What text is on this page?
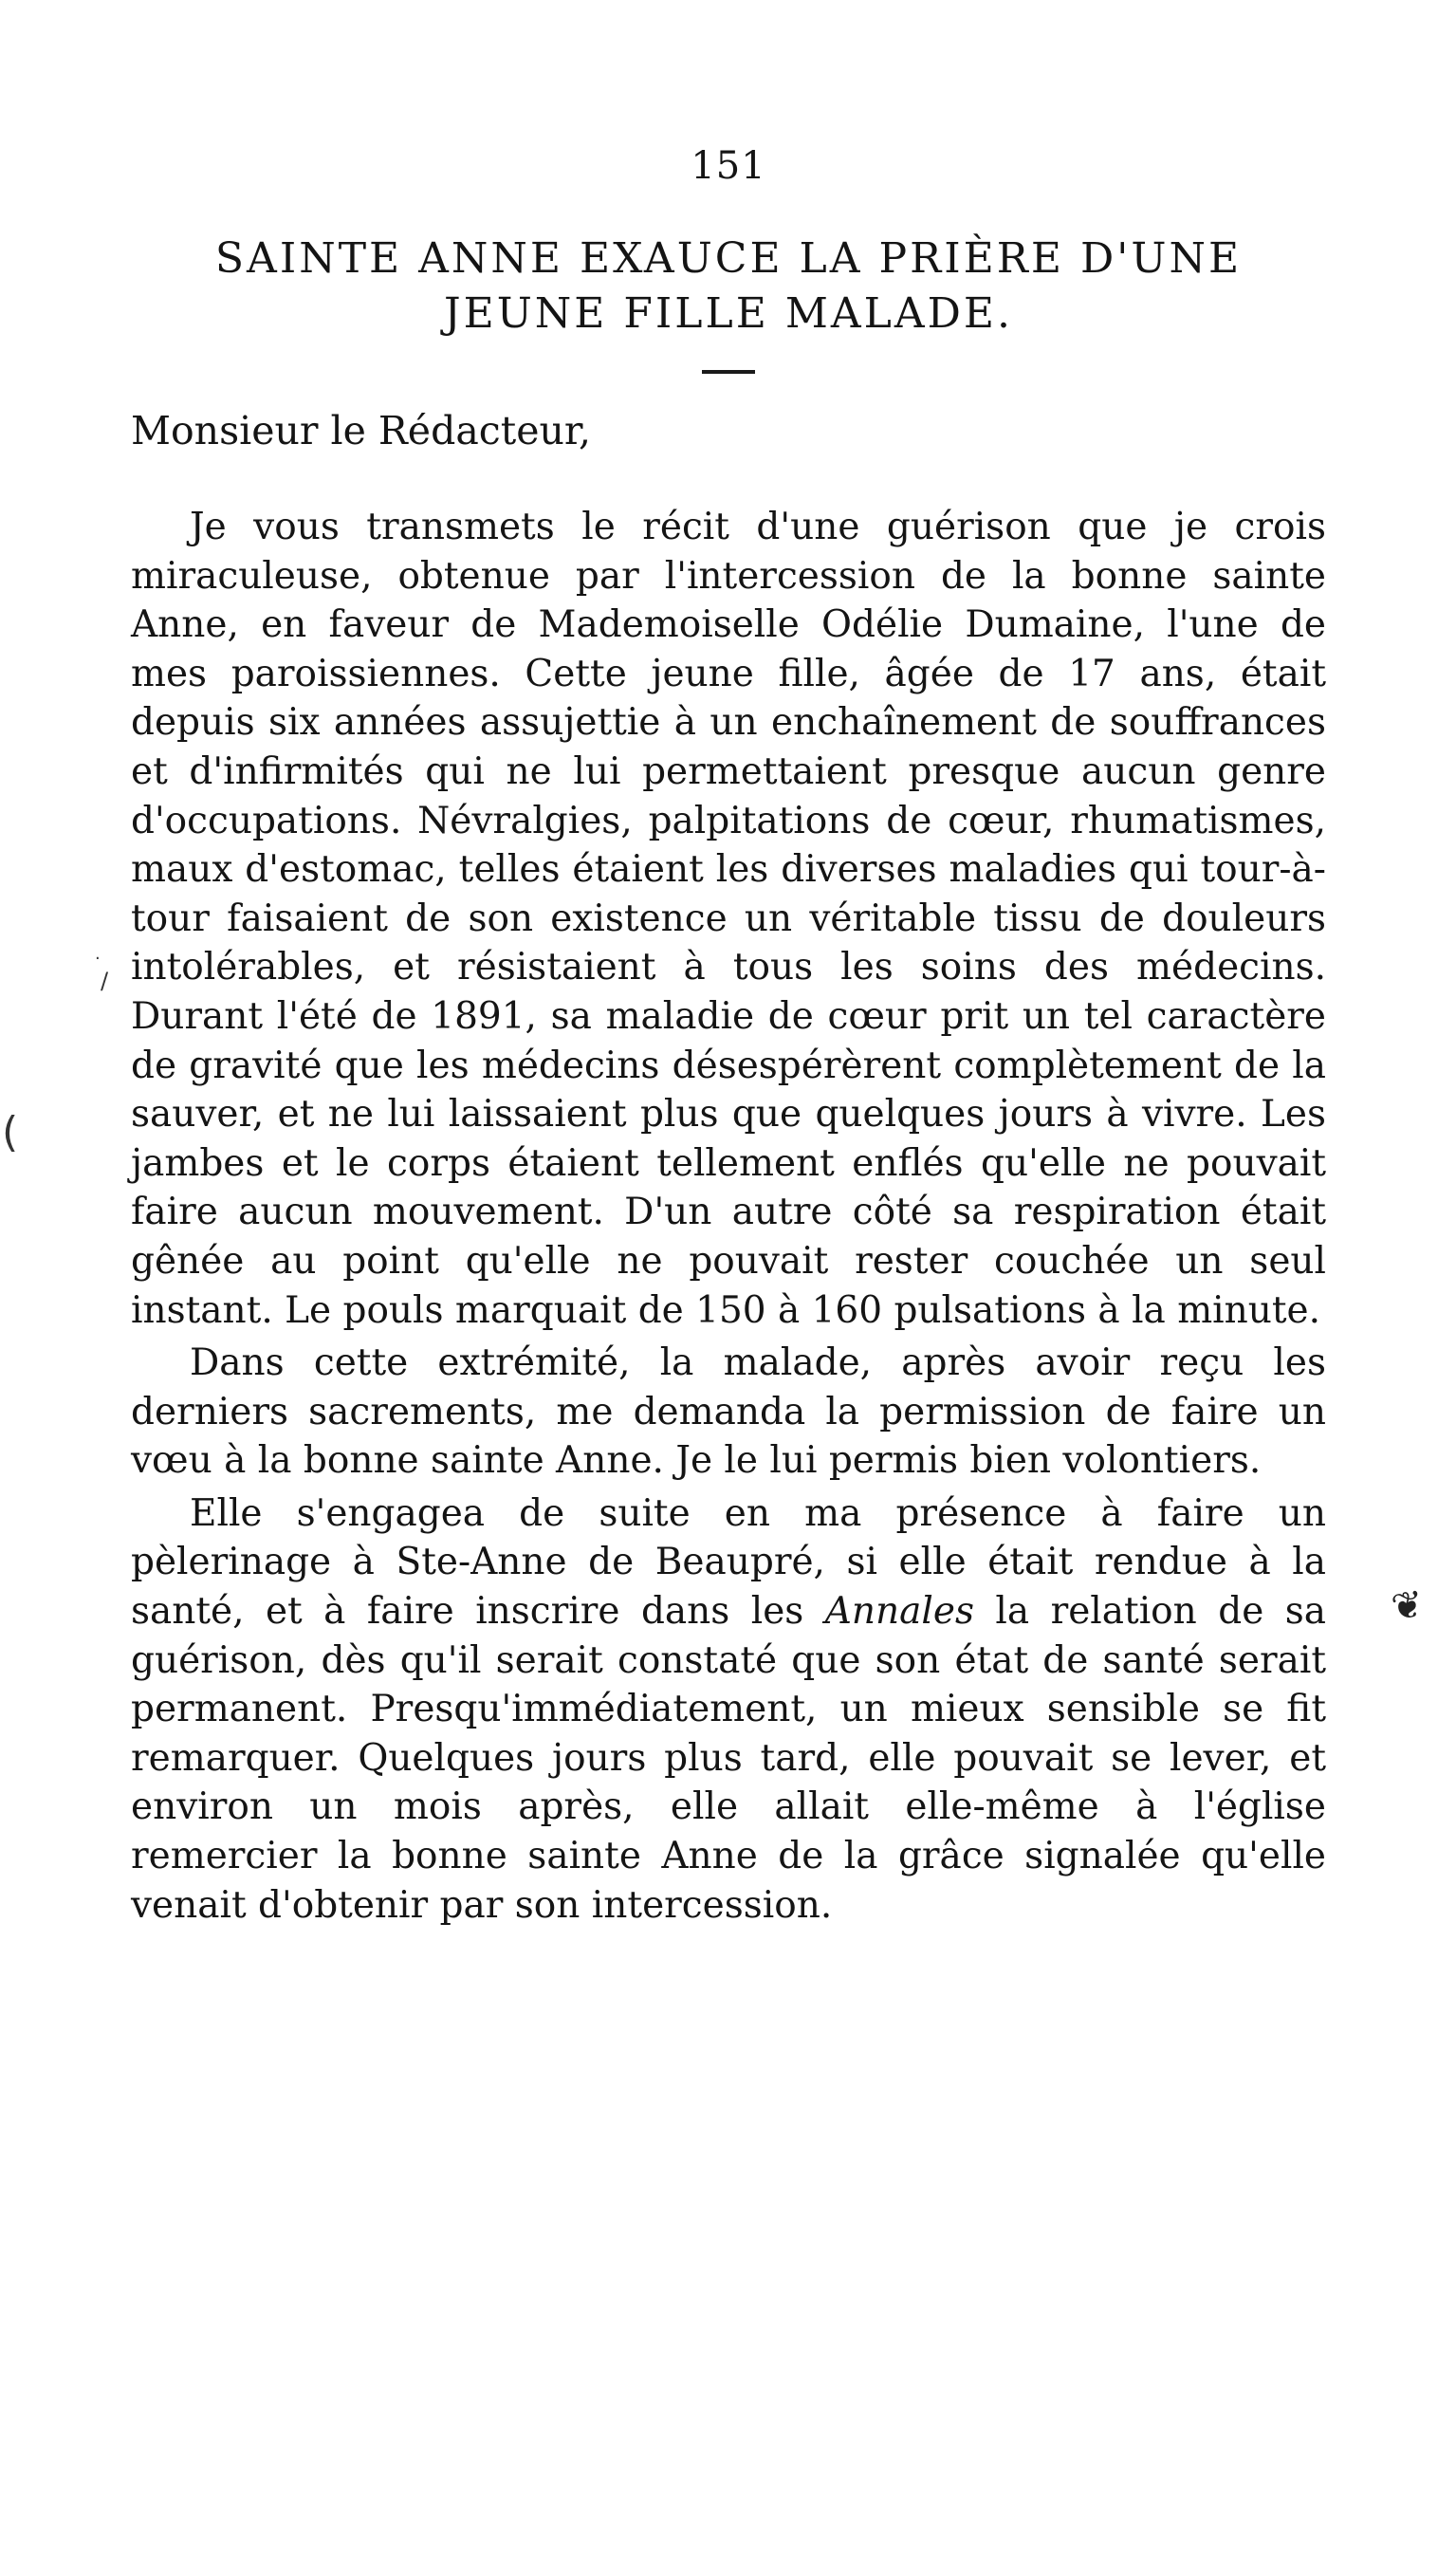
151
SAINTE ANNE EXAUCE LA PRIÈRE D'UNE
JEUNE FILLE MALADE.

Monsieur le Rédacteur,

Je vous transmets le récit d'une guérison que je crois miraculeuse, obtenue par l'intercession de la bonne sainte Anne, en faveur de Mademoiselle Odélie Dumaine, l'une de mes paroissiennes. Cette jeune fille, âgée de 17 ans, était depuis six années assujettie à un enchaînement de souffrances et d'infirmités qui ne lui permettaient presque aucun genre d'occupations. Névralgies, palpitations de cœur, rhumatismes, maux d'estomac, telles étaient les diverses maladies qui tour-à-tour faisaient de son existence un véritable tissu de douleurs intolérables, et résistaient à tous les soins des médecins. Durant l'été de 1891, sa maladie de cœur prit un tel caractère de gravité que les médecins désespérèrent complètement de la sauver, et ne lui laissaient plus que quelques jours à vivre. Les jambes et le corps étaient tellement enflés qu'elle ne pouvait faire aucun mouvement. D'un autre côté sa respiration était gênée au point qu'elle ne pouvait rester couchée un seul instant. Le pouls marquait de 150 à 160 pulsations à la minute.

Dans cette extrémité, la malade, après avoir reçu les derniers sacrements, me demanda la permission de faire un vœu à la bonne sainte Anne. Je le lui permis bien volontiers.

Elle s'engagea de suite en ma présence à faire un pèlerinage à Ste-Anne de Beaupré, si elle était rendue à la santé, et à faire inscrire dans les Annales la relation de sa guérison, dès qu'il serait constaté que son état de santé serait permanent. Presqu'immédiatement, un mieux sensible se fit remarquer. Quelques jours plus tard, elle pouvait se lever, et environ un mois après, elle allait elle-même à l'église remercier la bonne sainte Anne de la grâce signalée qu'elle venait d'obtenir par son intercession.

·
/
(
❦
